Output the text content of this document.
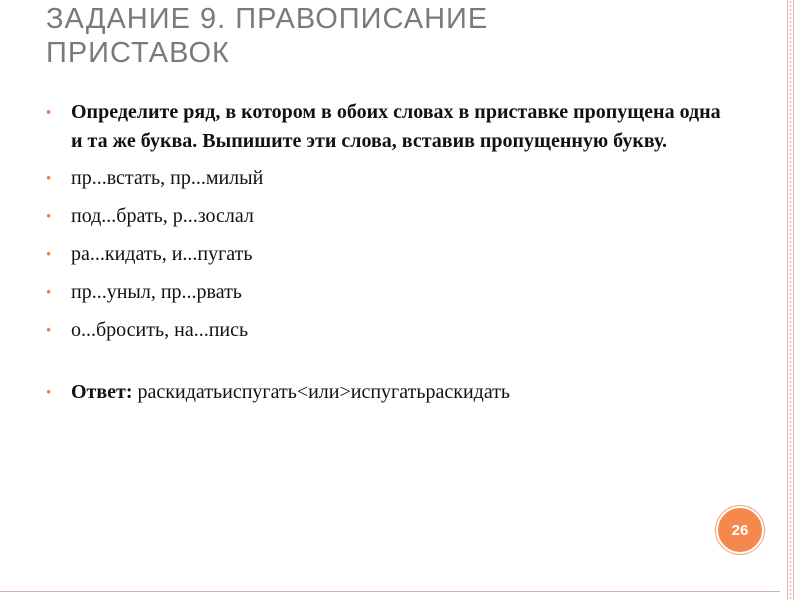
ЗАДАНИЕ 9. ПРАВОПИСАНИЕ
ПРИСТАВОК
• Определите ряд, в котором в обоих словах в приставке пропущена одна и та же буква. Выпишите эти слова, вставив пропущенную букву.
• пр...встать, пр...милый
• под...брать, р...зослал
• ра...кидать, и...пугать
• пр...уныл, пр...рвать
• о...бросить, на...пись
• Ответ: раскидатьиспугать<или>испугатьраскидать
26
